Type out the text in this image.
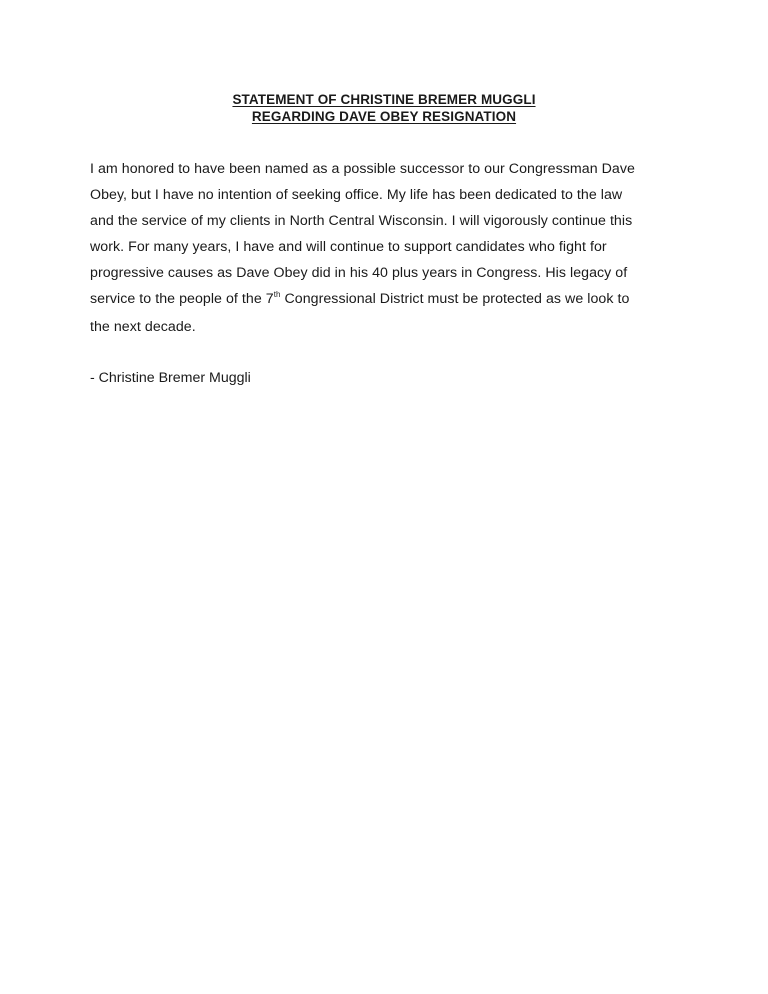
STATEMENT OF CHRISTINE BREMER MUGGLI
REGARDING DAVE OBEY RESIGNATION
I am honored to have been named as a possible successor to our Congressman Dave
Obey, but I have no intention of seeking office. My life has been dedicated to the law
and the service of my clients in North Central Wisconsin. I will vigorously continue this
work. For many years, I have and will continue to support candidates who fight for
progressive causes as Dave Obey did in his 40 plus years in Congress. His legacy of
service to the people of the 7th Congressional District must be protected as we look to
the next decade.
- Christine Bremer Muggli
